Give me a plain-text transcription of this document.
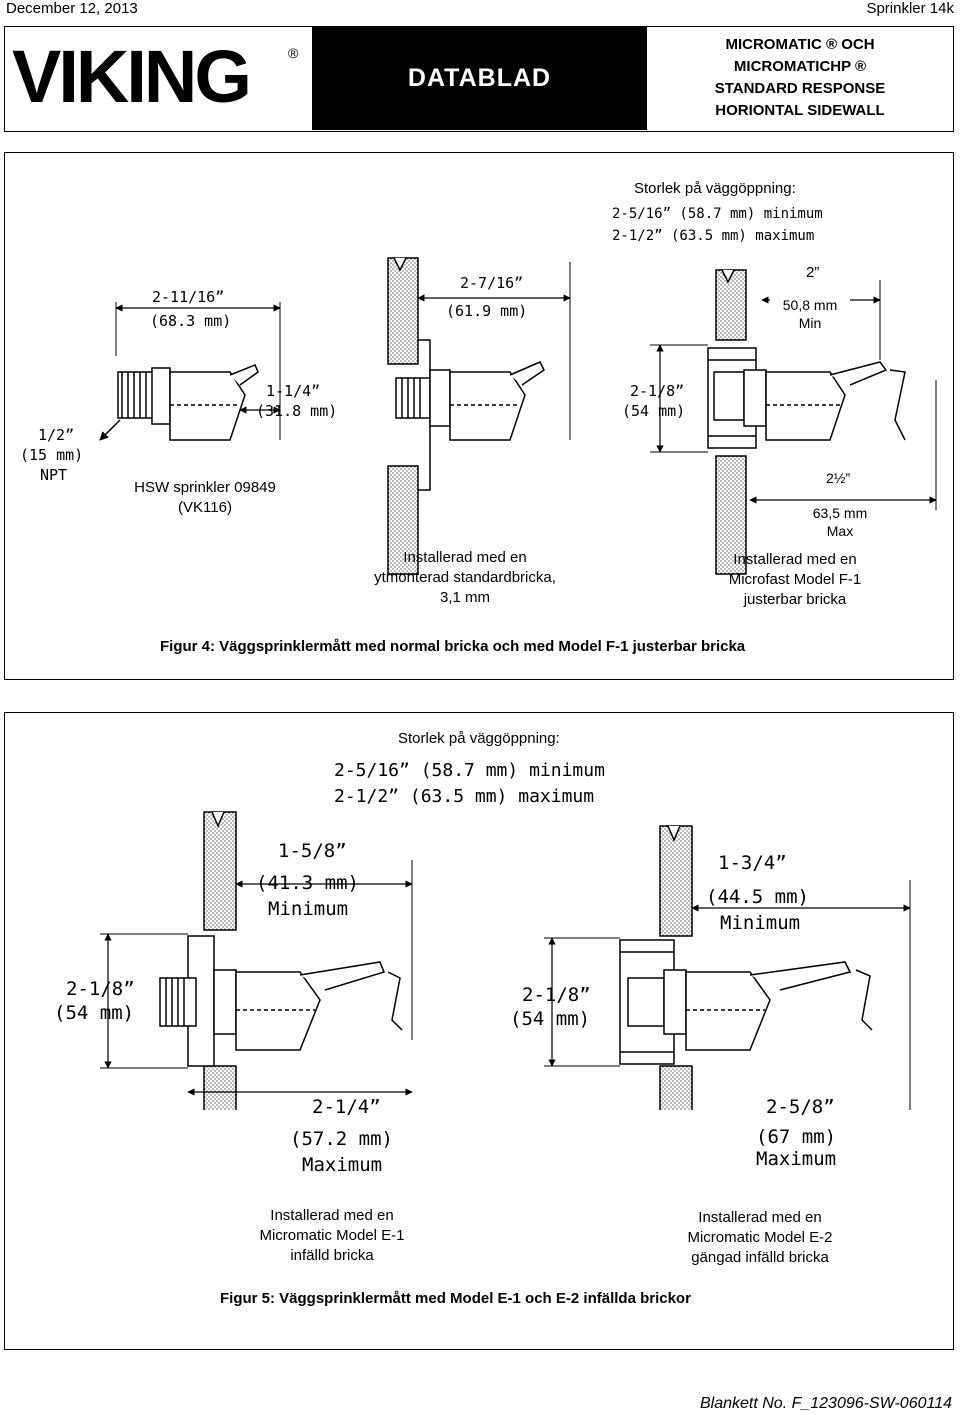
December 12, 2013	Sprinkler 14k
VIKING	®
DATABLAD
MICROMATIC ® OCH
MICROMATICHP ®
STANDARD RESPONSE
HORIONTAL SIDEWALL
Storlek på väggöppning:
2-5/16” (58.7 mm) minimum
2-1/2” (63.5 mm) maximum
2-11/16”
(68.3 mm)
1-1/4”
(31.8 mm)
1/2”
(15 mm)
NPT
HSW sprinkler 09849
(VK116)
2-7/16”
(61.9 mm)
Installerad med en
ytmonterad standardbricka,
3,1 mm
2”
50,8 mm
Min
2-1/8”
(54 mm)
2½”
63,5 mm
Max
Installerad med en
Microfast Model F-1
justerbar bricka
Figur 4: Väggsprinklermått med normal bricka och med Model F-1 justerbar bricka
Storlek på väggöppning:
2-5/16” (58.7 mm) minimum
2-1/2” (63.5 mm) maximum
1-5/8”
(41.3 mm)
Minimum
2-1/8”
(54 mm)
2-1/4”
(57.2 mm)
Maximum
Installerad med en
Micromatic Model E-1
infälld bricka
1-3/4”
(44.5 mm)
Minimum
2-1/8”
(54 mm)
2-5/8”
(67 mm)
Maximum
Installerad med en
Micromatic Model E-2
gängad infälld bricka
Figur 5: Väggsprinklermått med Model E-1 och E-2 infällda brickor
Blankett No. F_123096-SW-060114
